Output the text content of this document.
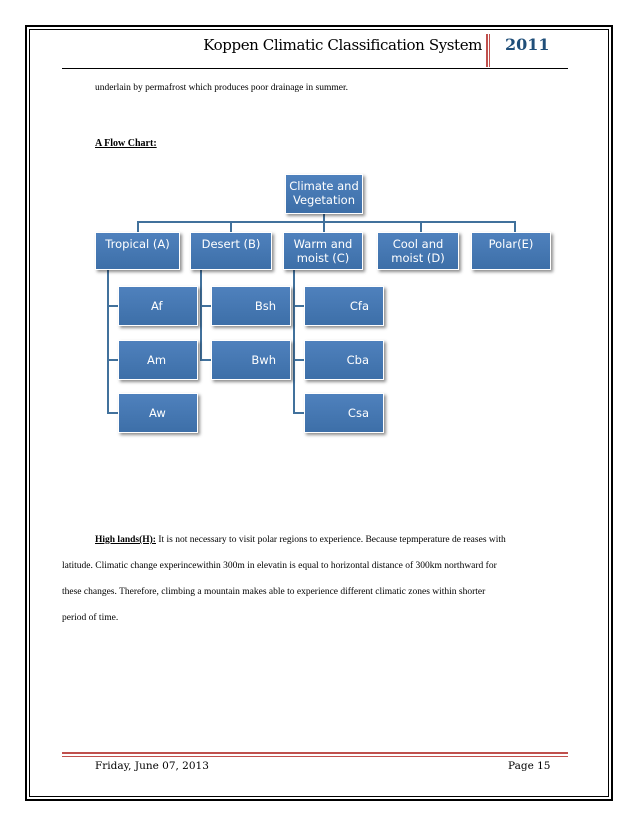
Koppen Climatic Classification System 2011
underlain by permafrost which produces poor drainage in summer.
A Flow Chart:
Climate and Vegetation
Tropical (A)	Desert (B)	Warm and moist (C)
Cool and moist (D)
Polar(E)
Af
Am
Aw
Bsh
Bwh
Cfa
Cba
Csa
High lands(H): It is not necessary to visit polar regions to experience. Because tepmperature de reases with
latitude. Climatic change experincewithin 300m in elevatin is equal to horizontal distance of 300km northward for
these changes. Therefore, climbing a mountain makes able to experience different climatic zones within shorter
period of time.
Friday, June 07, 2013	Page 15
